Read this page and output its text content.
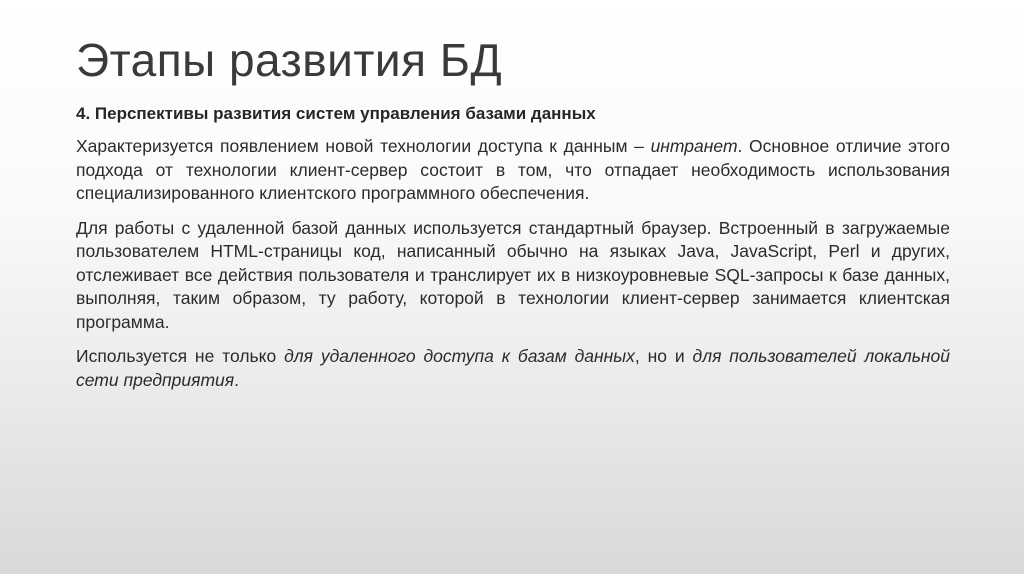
Этапы развития БД

4. Перспективы развития систем управления базами данных

Характеризуется появлением новой технологии доступа к данным – интранет. Основное отличие этого подхода от технологии клиент-сервер состоит в том, что отпадает необходимость использования специализированного клиентского программного обеспечения.

Для работы с удаленной базой данных используется стандартный браузер. Встроенный в загружаемые пользователем HTML-страницы код, написанный обычно на языках Java, JavaScript, Perl и других, отслеживает все действия пользователя и транслирует их в низкоуровневые SQL-запросы к базе данных, выполняя, таким образом, ту работу, которой в технологии клиент-сервер занимается клиентская программа.

Используется не только для удаленного доступа к базам данных, но и для пользователей локальной сети предприятия.
